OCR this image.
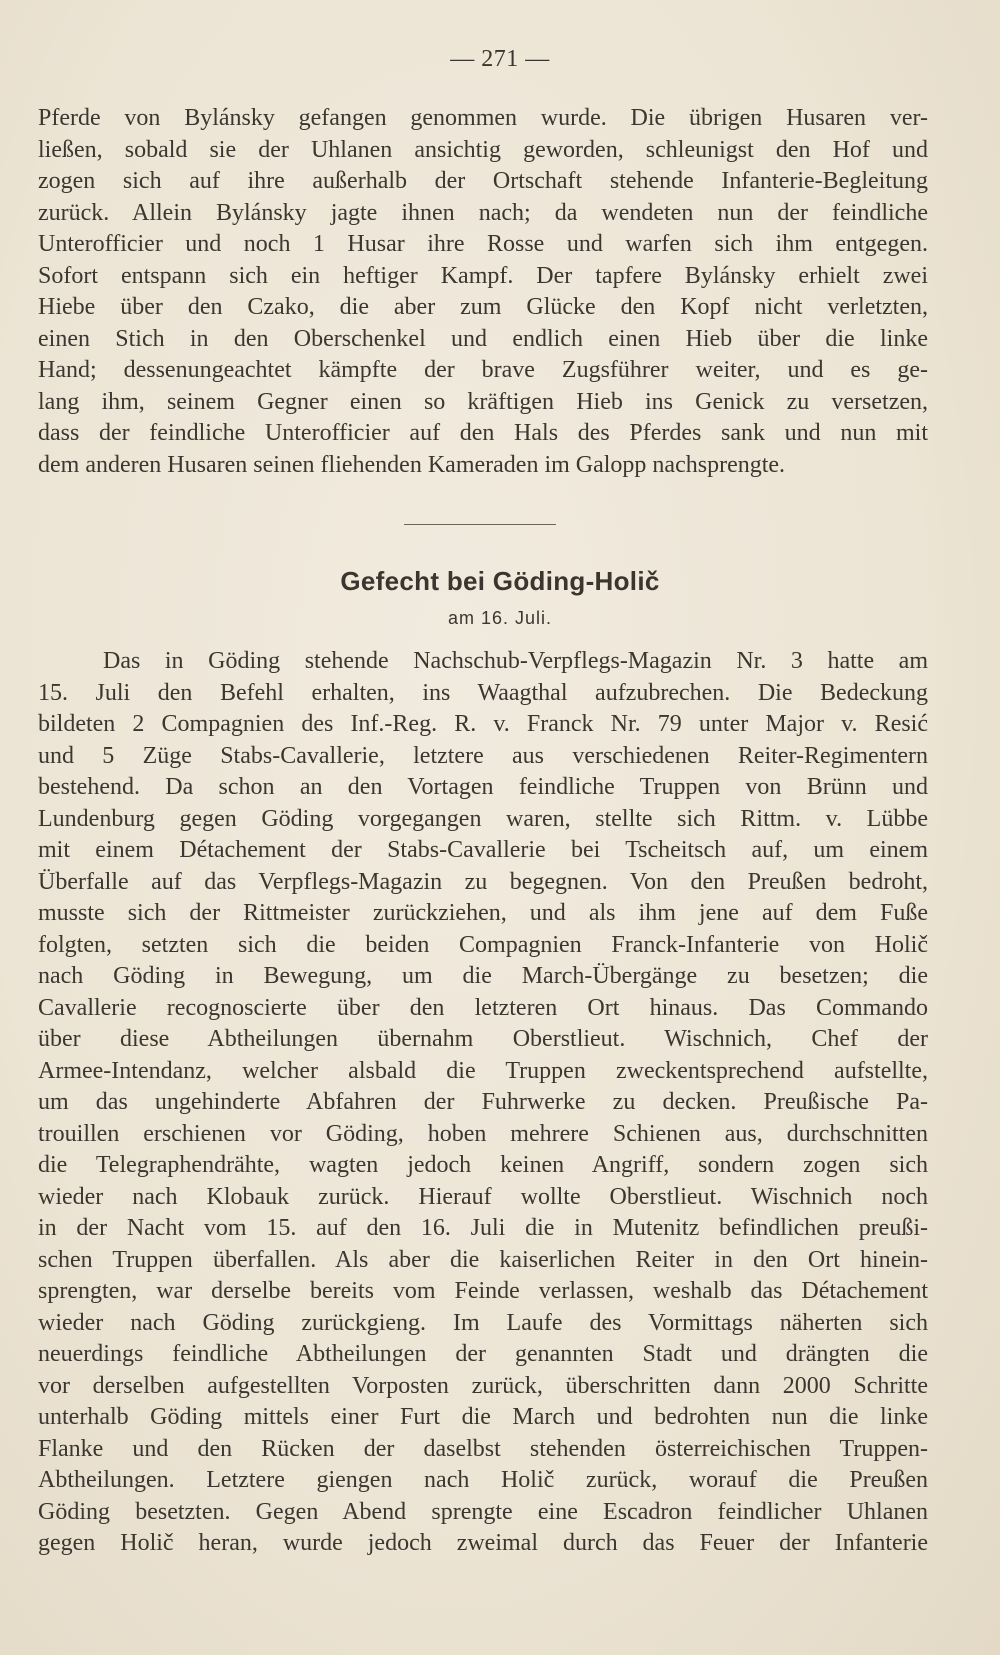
— 271 —
Pferde von Bylánsky gefangen genommen wurde. Die übrigen Husaren ver-
ließen, sobald sie der Uhlanen ansichtig geworden, schleunigst den Hof und
zogen sich auf ihre außerhalb der Ortschaft stehende Infanterie-Begleitung
zurück. Allein Bylánsky jagte ihnen nach; da wendeten nun der feindliche
Unterofficier und noch 1 Husar ihre Rosse und warfen sich ihm entgegen.
Sofort entspann sich ein heftiger Kampf. Der tapfere Bylánsky erhielt zwei
Hiebe über den Czako, die aber zum Glücke den Kopf nicht verletzten,
einen Stich in den Oberschenkel und endlich einen Hieb über die linke
Hand; dessenungeachtet kämpfte der brave Zugsführer weiter, und es ge-
lang ihm, seinem Gegner einen so kräftigen Hieb ins Genick zu versetzen,
dass der feindliche Unterofficier auf den Hals des Pferdes sank und nun mit
dem anderen Husaren seinen fliehenden Kameraden im Galopp nachsprengte.
Gefecht bei Göding-Holič
am 16. Juli.
Das in Göding stehende Nachschub-Verpflegs-Magazin Nr. 3 hatte am
15. Juli den Befehl erhalten, ins Waagthal aufzubrechen. Die Bedeckung
bildeten 2 Compagnien des Inf.-Reg. R. v. Franck Nr. 79 unter Major v. Resić
und 5 Züge Stabs-Cavallerie, letztere aus verschiedenen Reiter-Regimentern
bestehend. Da schon an den Vortagen feindliche Truppen von Brünn und
Lundenburg gegen Göding vorgegangen waren, stellte sich Rittm. v. Lübbe
mit einem Détachement der Stabs-Cavallerie bei Tscheitsch auf, um einem
Überfalle auf das Verpflegs-Magazin zu begegnen. Von den Preußen bedroht,
musste sich der Rittmeister zurückziehen, und als ihm jene auf dem Fuße
folgten, setzten sich die beiden Compagnien Franck-Infanterie von Holič
nach Göding in Bewegung, um die March-Übergänge zu besetzen; die
Cavallerie recognoscierte über den letzteren Ort hinaus. Das Commando
über diese Abtheilungen übernahm Oberstlieut. Wischnich, Chef der
Armee-Intendanz, welcher alsbald die Truppen zweckentsprechend aufstellte,
um das ungehinderte Abfahren der Fuhrwerke zu decken. Preußische Pa-
trouillen erschienen vor Göding, hoben mehrere Schienen aus, durchschnitten
die Telegraphendrähte, wagten jedoch keinen Angriff, sondern zogen sich
wieder nach Klobauk zurück. Hierauf wollte Oberstlieut. Wischnich noch
in der Nacht vom 15. auf den 16. Juli die in Mutenitz befindlichen preußi-
schen Truppen überfallen. Als aber die kaiserlichen Reiter in den Ort hinein-
sprengten, war derselbe bereits vom Feinde verlassen, weshalb das Détachement
wieder nach Göding zurückgieng. Im Laufe des Vormittags näherten sich
neuerdings feindliche Abtheilungen der genannten Stadt und drängten die
vor derselben aufgestellten Vorposten zurück, überschritten dann 2000 Schritte
unterhalb Göding mittels einer Furt die March und bedrohten nun die linke
Flanke und den Rücken der daselbst stehenden österreichischen Truppen-
Abtheilungen. Letztere giengen nach Holič zurück, worauf die Preußen
Göding besetzten. Gegen Abend sprengte eine Escadron feindlicher Uhlanen
gegen Holič heran, wurde jedoch zweimal durch das Feuer der Infanterie
